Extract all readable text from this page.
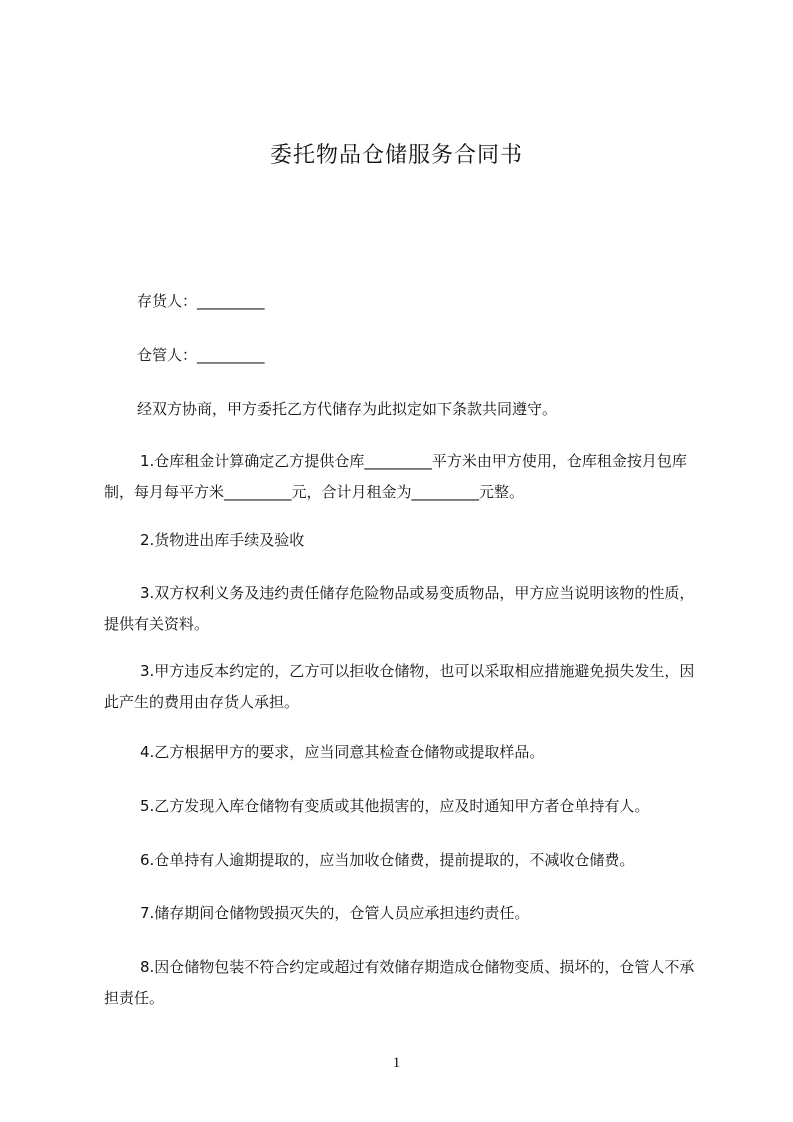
委托物品仓储服务合同书
存货人：_________
仓管人：_________
经双方协商，甲方委托乙方代储存为此拟定如下条款共同遵守。
1.仓库租金计算确定乙方提供仓库_________平方米由甲方使用，仓库租金按月包库制，每月每平方米_________元，合计月租金为_________元整。
2.货物进出库手续及验收
3.双方权利义务及违约责任储存危险物品或易变质物品，甲方应当说明该物的性质，提供有关资料。
3.甲方违反本约定的，乙方可以拒收仓储物，也可以采取相应措施避免损失发生，因此产生的费用由存货人承担。
4.乙方根据甲方的要求，应当同意其检查仓储物或提取样品。
5.乙方发现入库仓储物有变质或其他损害的，应及时通知甲方者仓单持有人。
6.仓单持有人逾期提取的，应当加收仓储费，提前提取的，不减收仓储费。
7.储存期间仓储物毁损灭失的，仓管人员应承担违约责任。
8.因仓储物包装不符合约定或超过有效储存期造成仓储物变质、损坏的，仓管人不承担责任。
1
